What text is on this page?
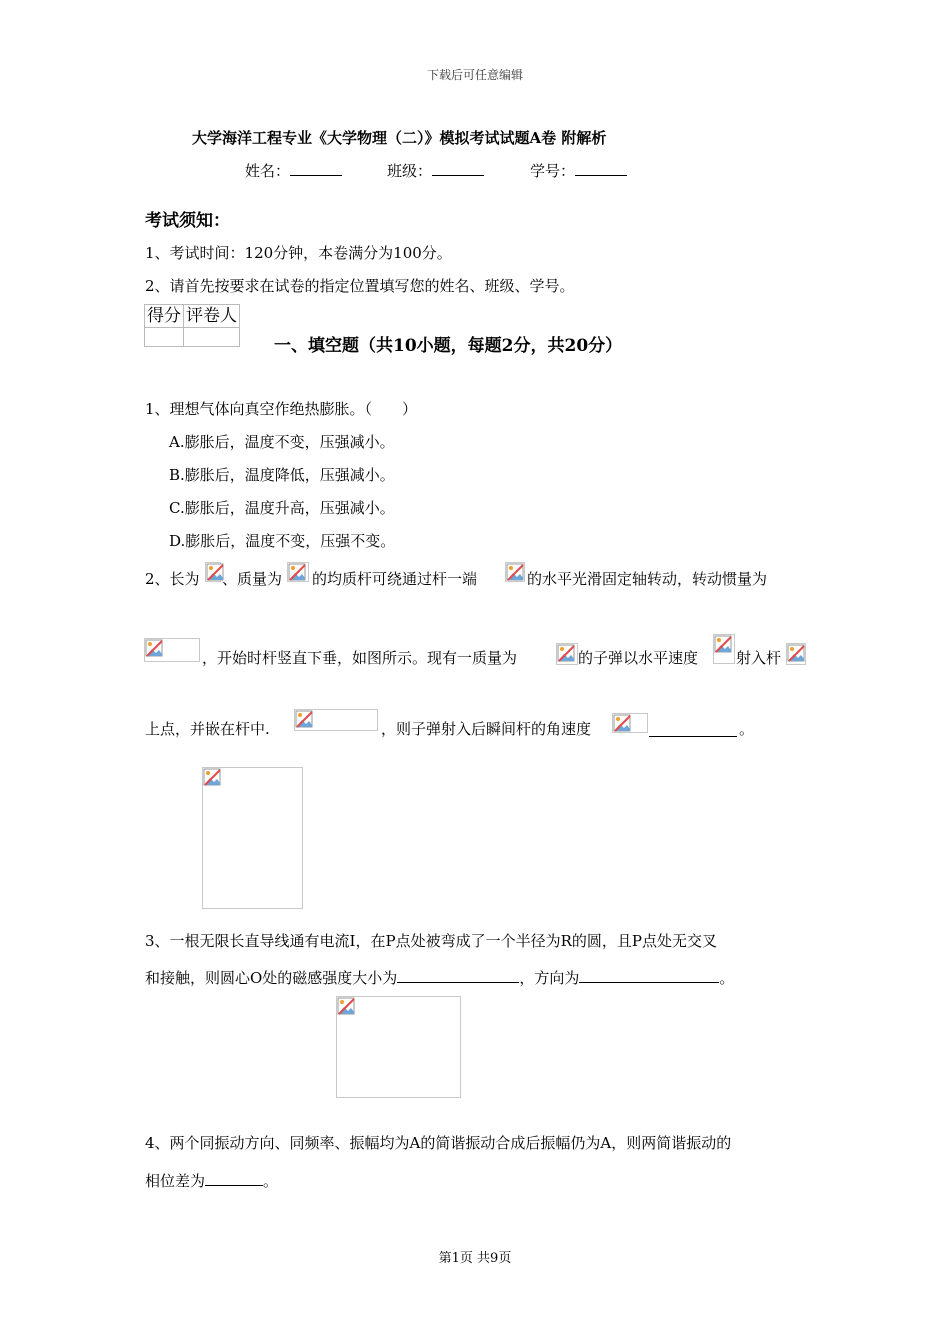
下载后可任意编辑
大学海洋工程专业《大学物理（二）》模拟考试试题A卷 附解析
姓名：	班级：	学号：
考试须知：
1、考试时间：120分钟，本卷满分为100分。
2、请首先按要求在试卷的指定位置填写您的姓名、班级、学号。
得分	评卷人

一、填空题（共10小题，每题2分，共20分）
1、理想气体向真空作绝热膨胀。（　　）
A.膨胀后，温度不变，压强减小。
B.膨胀后，温度降低，压强减小。
C.膨胀后，温度升高，压强减小。
D.膨胀后，温度不变，压强不变。
2、长为 、质量为 的均质杆可绕通过杆一端	的水平光滑固定轴转动，转动惯量为
，开始时杆竖直下垂，如图所示。现有一质量为	的子弹以水平速度	射入杆
上点，并嵌在杆中.	，则子弹射入后瞬间杆的角速度	。
3、一根无限长直导线通有电流I，在P点处被弯成了一个半径为R的圆，且P点处无交叉
和接触，则圆心O处的磁感强度大小为	，方向为	。
4、两个同振动方向、同频率、振幅均为A的简谐振动合成后振幅仍为A，则两简谐振动的
相位差为	。
第1页 共9页
